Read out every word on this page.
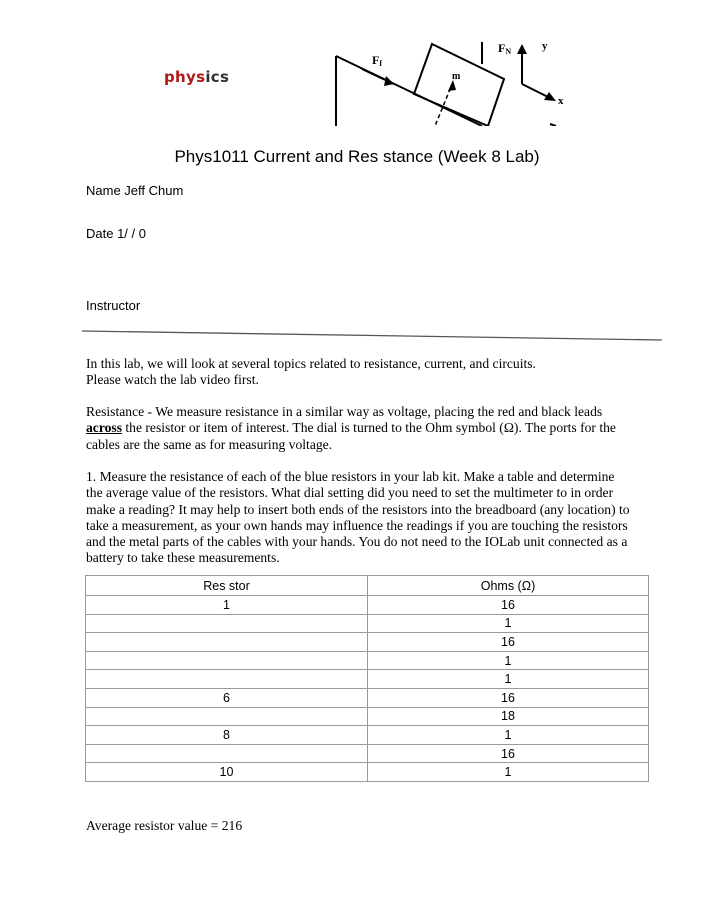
physics
Ff
FN
m
y
x
Phys1011 Current and Res stance (Week 8 Lab)
Name Jeff Chum
Date 1/ / 0
Instructor

In this lab, we will look at several topics related to resistance, current, and circuits.
Please watch the lab video first.

Resistance - We measure resistance in a similar way as voltage, placing the red and black leads across the resistor or item of interest. The dial is turned to the Ohm symbol (Ω). The ports for the cables are the same as for measuring voltage.

1. Measure the resistance of each of the blue resistors in your lab kit. Make a table and determine the average value of the resistors. What dial setting did you need to set the multimeter to in order make a reading? It may help to insert both ends of the resistors into the breadboard (any location) to take a measurement, as your own hands may influence the readings if you are touching the resistors and the metal parts of the cables with your hands. You do not need to the IOLab unit connected as a battery to take these measurements.

Res stor	Ohms (Ω)
1	16
	1
	16
	1
	1
6	16
	18
8	1
	16
10	1
Average resistor value = 216
